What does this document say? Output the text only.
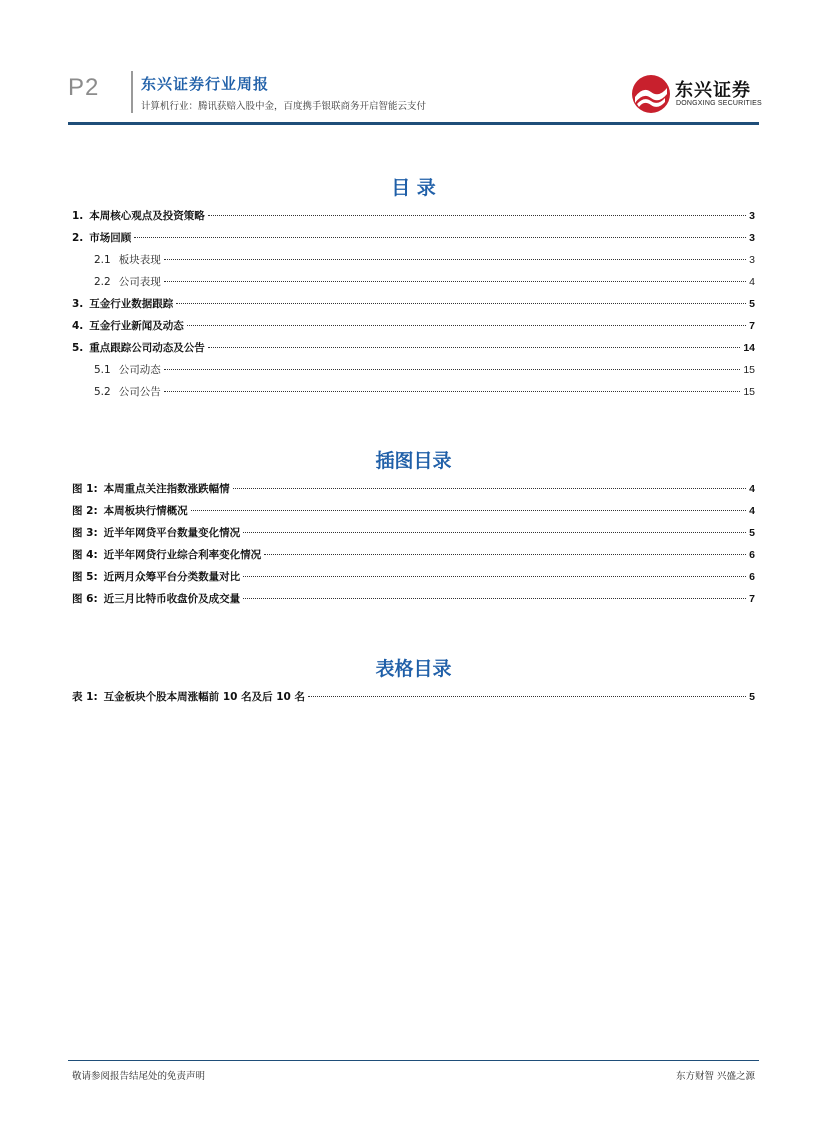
P2	东兴证券行业周报
计算机行业：腾讯获赔入股中金，百度携手银联商务开启智能云支付
东兴证券
DONGXING SECURITIES
目 录
1. 本周核心观点及投资策略	3
2. 市场回顾	3
2.1 板块表现	3
2.2 公司表现	4
3. 互金行业数据跟踪	5
4. 互金行业新闻及动态	7
5. 重点跟踪公司动态及公告	14
5.1 公司动态	15
5.2 公司公告	15
插图目录
图 1: 本周重点关注指数涨跌幅情	4
图 2: 本周板块行情概况	4
图 3: 近半年网贷平台数量变化情况	5
图 4: 近半年网贷行业综合利率变化情况	6
图 5: 近两月众筹平台分类数量对比	6
图 6: 近三月比特币收盘价及成交量	7
表格目录
表 1: 互金板块个股本周涨幅前 10 名及后 10 名	5
敬请参阅报告结尾处的免责声明	东方财智 兴盛之源
